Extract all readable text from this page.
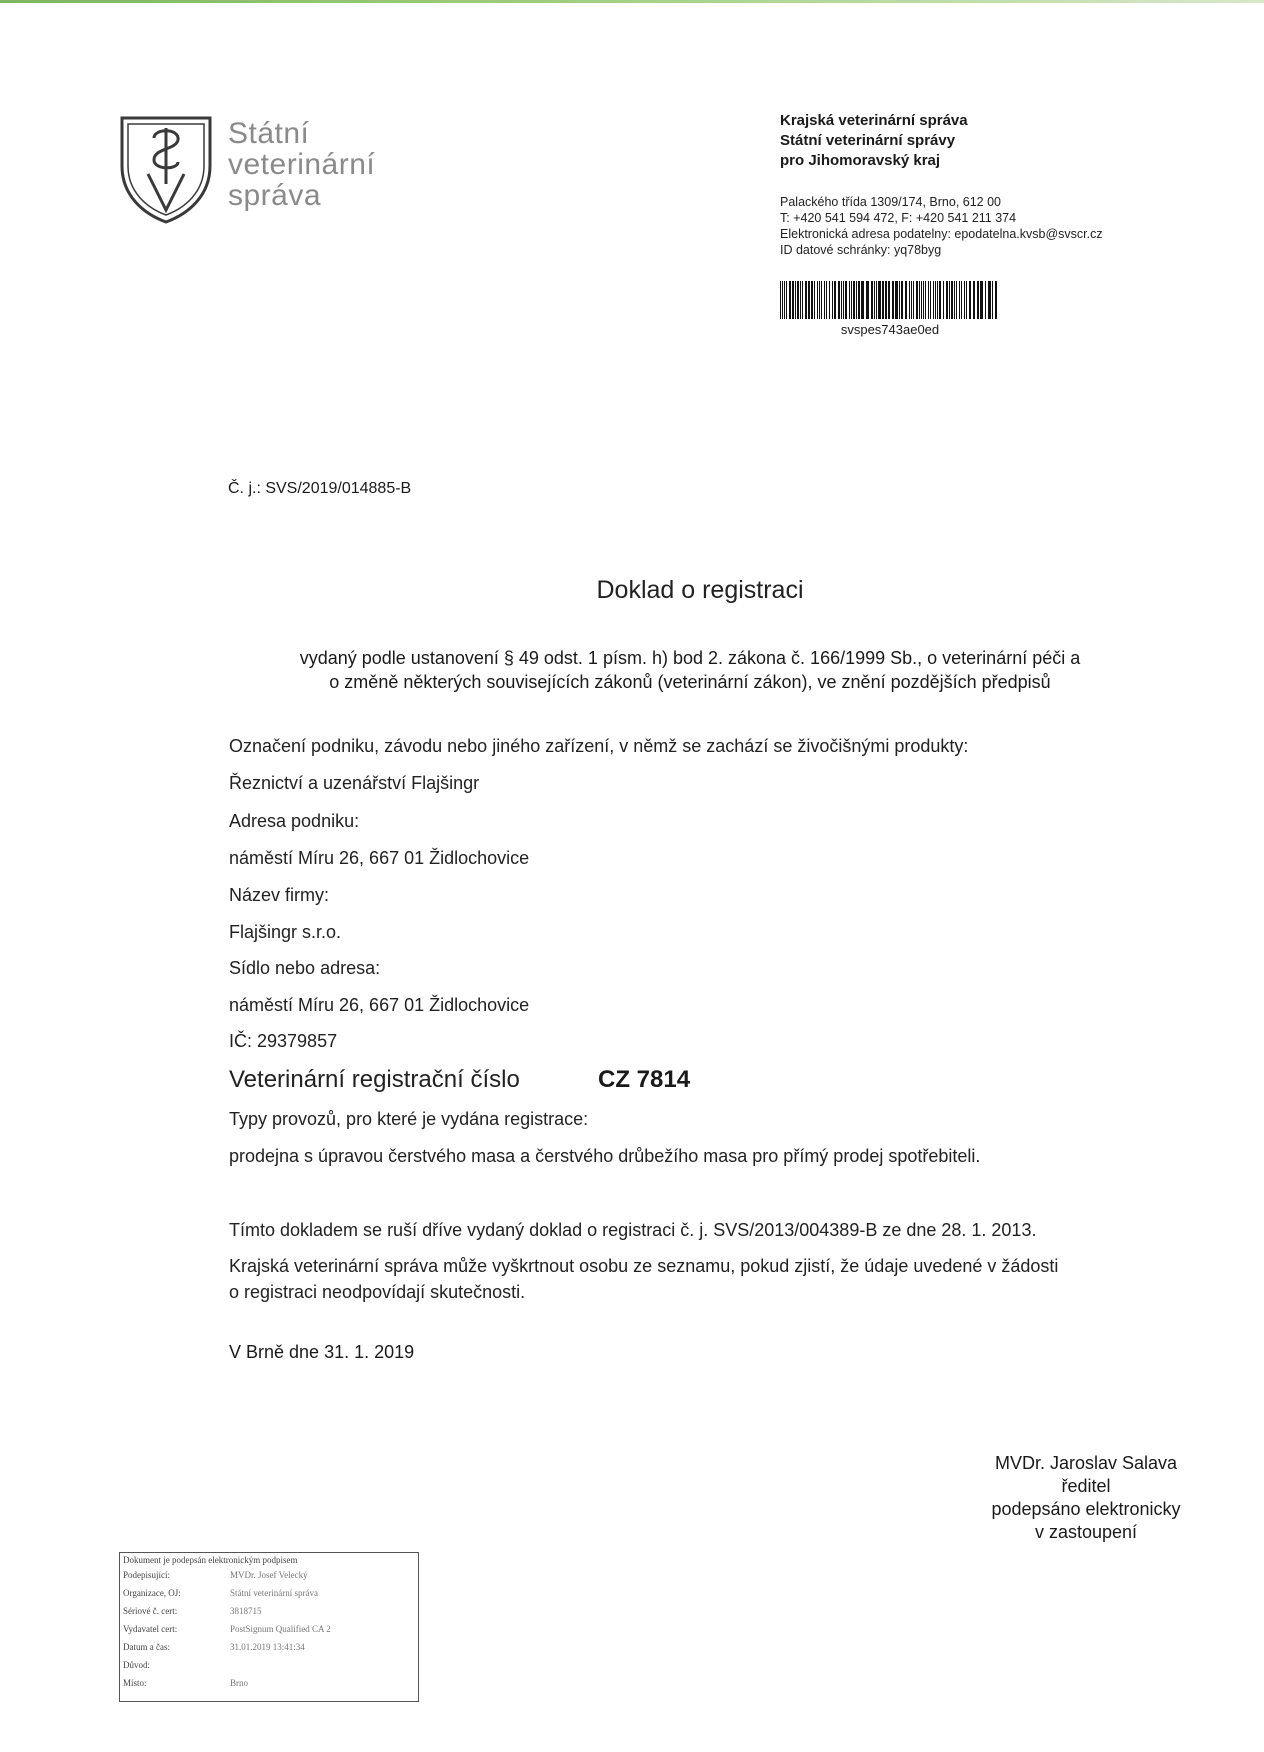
Státní
veterinární
správa
Krajská veterinární správa
Státní veterinární správy
pro Jihomoravský kraj
Palackého třída 1309/174, Brno, 612 00
T: +420 541 594 472, F: +420 541 211 374
Elektronická adresa podatelny: epodatelna.kvsb@svscr.cz
ID datové schránky: yq78byg
svspes743ae0ed
Č. j.: SVS/2019/014885-B
Doklad o registraci
vydaný podle ustanovení § 49 odst. 1 písm. h) bod 2. zákona č. 166/1999 Sb., o veterinární péči a
o změně některých souvisejících zákonů (veterinární zákon), ve znění pozdějších předpisů
Označení podniku, závodu nebo jiného zařízení, v němž se zachází se živočišnými produkty:
Řeznictví a uzenářství Flajšingr
Adresa podniku:
náměstí Míru 26, 667 01 Židlochovice
Název firmy:
Flajšingr s.r.o.
Sídlo nebo adresa:
náměstí Míru 26, 667 01 Židlochovice
IČ: 29379857
Veterinární registrační číslo	CZ 7814
Typy provozů, pro které je vydána registrace:
prodejna s úpravou čerstvého masa a čerstvého drůbežího masa pro přímý prodej spotřebiteli.
Tímto dokladem se ruší dříve vydaný doklad o registraci č. j. SVS/2013/004389-B ze dne 28. 1. 2013.
Krajská veterinární správa může vyškrtnout osobu ze seznamu, pokud zjistí, že údaje uvedené v žádosti
o registraci neodpovídají skutečnosti.
V Brně dne 31. 1. 2019
MVDr. Jaroslav Salava
ředitel
podepsáno elektronicky
v zastoupení
Dokument je podepsán elektronickým podpisem
Podepisující:	MVDr. Josef Velecký
Organizace, OJ:	Státní veterinární správa
Sériové č. cert:	3818715
Vydavatel cert:	PostSignum Qualified CA 2
Datum a čas:	31.01.2019 13:41:34
Důvod:
Místo:	Brno
